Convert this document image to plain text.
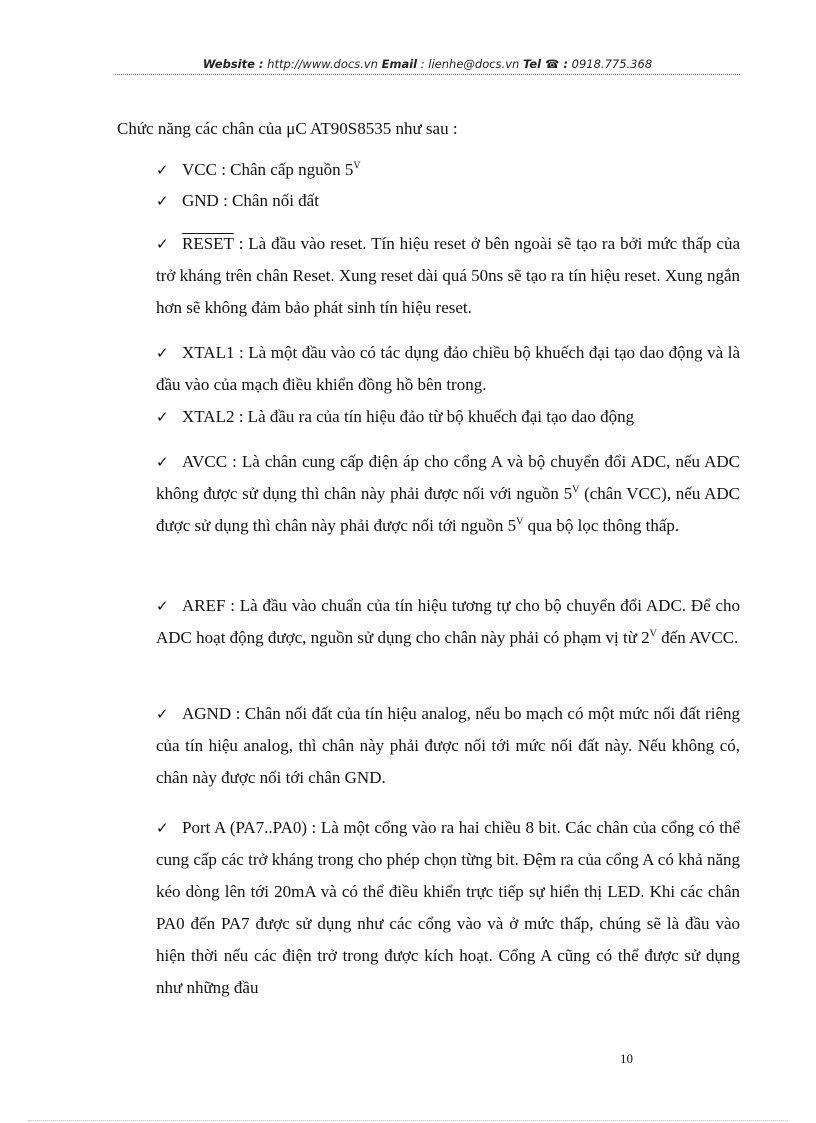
Website : http://www.docs.vn Email : lienhe@docs.vn Tel ☎ : 0918.775.368
Chức năng các chân của μC AT90S8535 như sau :
✓ VCC : Chân cấp nguồn $5^V$
✓ GND : Chân nối đất
✓ RESET : Là đầu vào reset. Tín hiệu reset ở bên ngoài sẽ tạo ra bởi mức thấp của trở kháng trên chân Reset. Xung reset dài quá 50ns sẽ tạo ra tín hiệu reset. Xung ngắn hơn sẽ không đảm bảo phát sinh tín hiệu reset.
✓ XTAL1 : Là một đầu vào có tác dụng đảo chiều bộ khuếch đại tạo dao động và là đầu vào của mạch điều khiển đồng hồ bên trong.
✓ XTAL2 : Là đầu ra của tín hiệu đảo từ bộ khuếch đại tạo dao động
✓ AVCC : Là chân cung cấp điện áp cho cổng A và bộ chuyển đổi ADC, nếu ADC không được sử dụng thì chân này phải được nối với nguồn $5^V$ (chân VCC), nếu ADC được sử dụng thì chân này phải được nối tới nguồn $5^V$ qua bộ lọc thông thấp.
✓ AREF : Là đầu vào chuẩn của tín hiệu tương tự cho bộ chuyển đổi ADC. Để cho ADC hoạt động được, nguồn sử dụng cho chân này phải có phạm vị từ $2^V$ đến AVCC.
✓ AGND : Chân nối đất của tín hiệu analog, nếu bo mạch có một mức nối đất riêng của tín hiệu analog, thì chân này phải được nối tới mức nối đất này. Nếu không có, chân này được nối tới chân GND.
✓ Port A (PA7..PA0) : Là một cổng vào ra hai chiều 8 bit. Các chân của cổng có thể cung cấp các trở kháng trong cho phép chọn từng bit. Đệm ra của cổng A có khả năng kéo dòng lên tới 20mA và có thể điều khiển trực tiếp sự hiển thị LED. Khi các chân PA0 đến PA7 được sử dụng như các cổng vào và ở mức thấp, chúng sẽ là đầu vào hiện thời nếu các điện trở trong được kích hoạt. Cổng A cũng có thể được sử dụng như những đầu
10
